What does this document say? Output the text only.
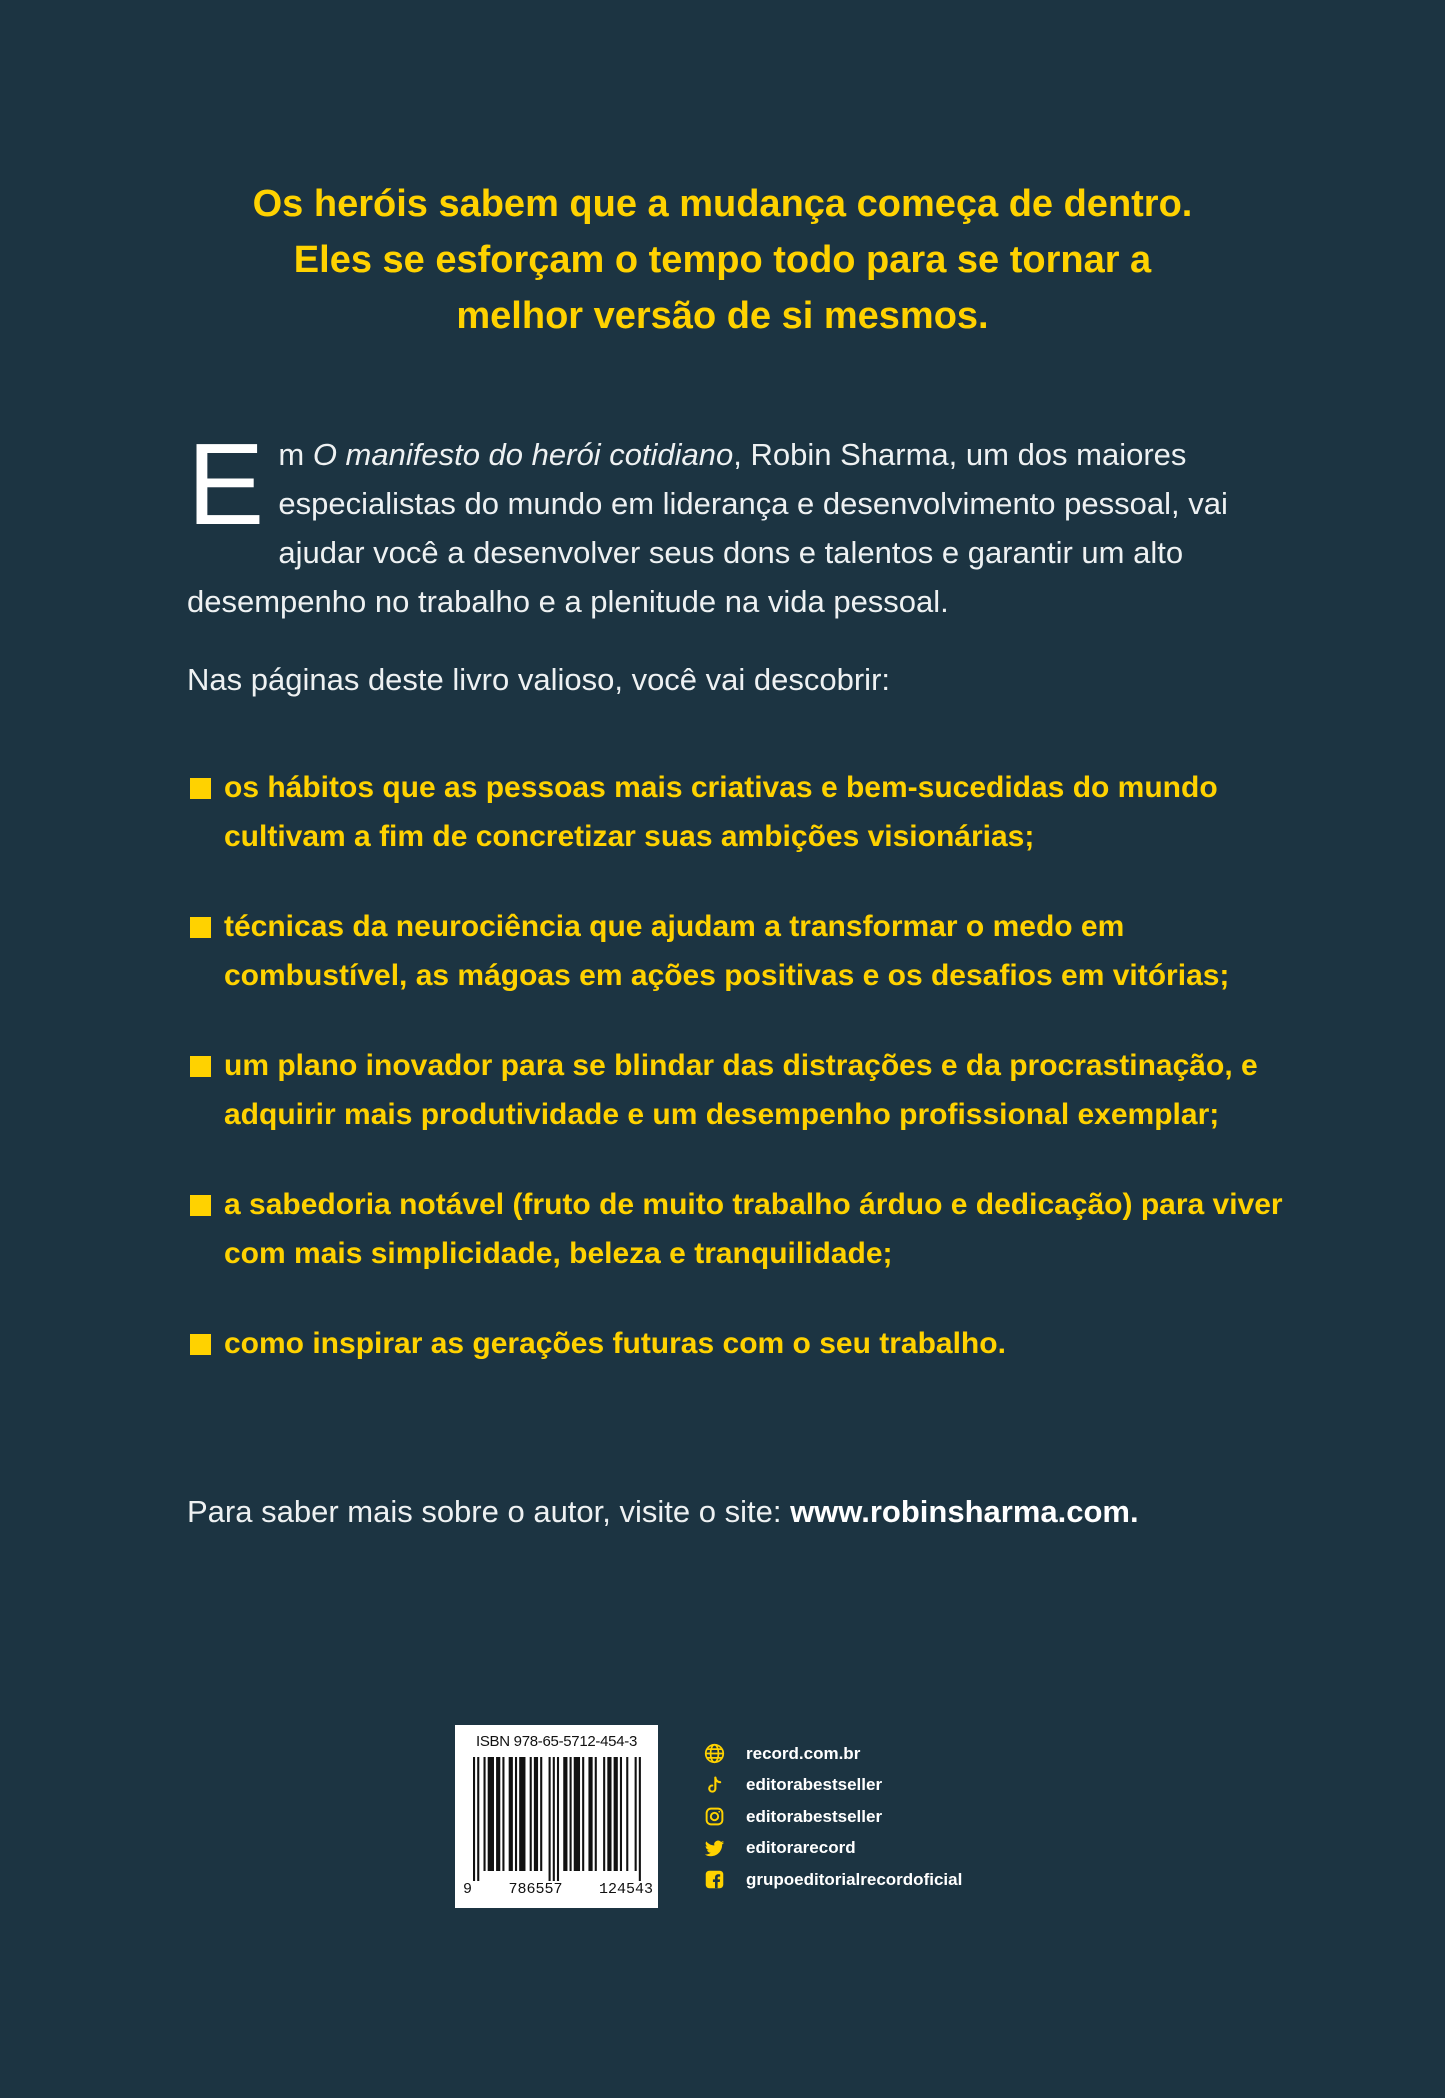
Os heróis sabem que a mudança começa de dentro.
Eles se esforçam o tempo todo para se tornar a
melhor versão de si mesmos.
Em O manifesto do herói cotidiano, Robin Sharma, um dos maiores especialistas do mundo em liderança e desenvolvimento pessoal, vai ajudar você a desenvolver seus dons e talentos e garantir um alto desempenho no trabalho e a plenitude na vida pessoal.
Nas páginas deste livro valioso, você vai descobrir:
os hábitos que as pessoas mais criativas e bem-sucedidas do mundo cultivam a fim de concretizar suas ambições visionárias;
técnicas da neurociência que ajudam a transformar o medo em combustível, as mágoas em ações positivas e os desafios em vitórias;
um plano inovador para se blindar das distrações e da procrastinação, e adquirir mais produtividade e um desempenho profissional exemplar;
a sabedoria notável (fruto de muito trabalho árduo e dedicação) para viver com mais simplicidade, beleza e tranquilidade;
como inspirar as gerações futuras com o seu trabalho.
Para saber mais sobre o autor, visite o site: www.robinsharma.com.
ISBN 978-65-5712-454-3
9 786557 124543
record.com.br
editorabestseller
editorabestseller
editorarecord
grupoeditorialrecordoficial
